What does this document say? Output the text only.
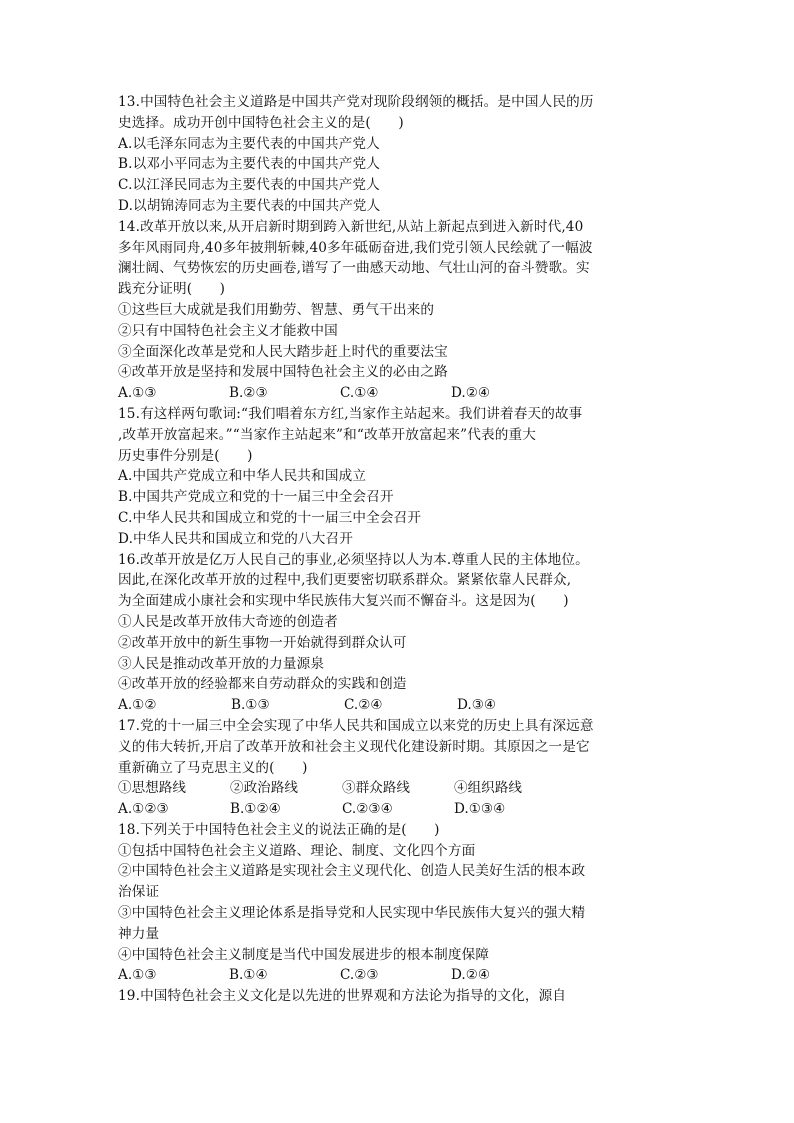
13.中国特色社会主义道路是中国共产党对现阶段纲领的概括。是中国人民的历
史选择。成功开创中国特色社会主义的是(　　)
A.以毛泽东同志为主要代表的中国共产党人
B.以邓小平同志为主要代表的中国共产党人
C.以江泽民同志为主要代表的中国共产党人
D.以胡锦涛同志为主要代表的中国共产党人
14.改革开放以来,从开启新时期到跨入新世纪,从站上新起点到进入新时代,40
多年风雨同舟,40多年披荆斩棘,40多年砥砺奋进,我们党引领人民绘就了一幅波
澜壮阔、气势恢宏的历史画卷,谱写了一曲感天动地、气壮山河的奋斗赞歌。实
践充分证明(　　)
①这些巨大成就是我们用勤劳、智慧、勇气干出来的
②只有中国特色社会主义才能救中国
③全面深化改革是党和人民大踏步赶上时代的重要法宝
④改革开放是坚持和发展中国特色社会主义的必由之路
A.①③	B.②③	C.①④	D.②④
15.有这样两句歌词:“我们唱着东方红,当家作主站起来。我们讲着春天的故事
,改革开放富起来。”“当家作主站起来”和“改革开放富起来”代表的重大
历史事件分别是(　　)
A.中国共产党成立和中华人民共和国成立
B.中国共产党成立和党的十一届三中全会召开
C.中华人民共和国成立和党的十一届三中全会召开
D.中华人民共和国成立和党的八大召开
16.改革开放是亿万人民自己的事业,必须坚持以人为本.尊重人民的主体地位。
因此,在深化改革开放的过程中,我们更要密切联系群众。紧紧依靠人民群众,
为全面建成小康社会和实现中华民族伟大复兴而不懈奋斗。这是因为(　　)
①人民是改革开放伟大奇迹的创造者
②改革开放中的新生事物一开始就得到群众认可
③人民是推动改革开放的力量源泉
④改革开放的经验都来自劳动群众的实践和创造
A.①②	B.①③	C.②④	D.③④
17.党的十一届三中全会实现了中华人民共和国成立以来党的历史上具有深远意
义的伟大转折,开启了改革开放和社会主义现代化建设新时期。其原因之一是它
重新确立了马克思主义的(　　)
①思想路线	②政治路线	③群众路线	④组织路线
A.①②③	B.①②④	C.②③④	D.①③④
18.下列关于中国特色社会主义的说法正确的是(　　)
①包括中国特色社会主义道路、理论、制度、文化四个方面
②中国特色社会主义道路是实现社会主义现代化、创造人民美好生活的根本政
治保证
③中国特色社会主义理论体系是指导党和人民实现中华民族伟大复兴的强大精
神力量
④中国特色社会主义制度是当代中国发展进步的根本制度保障
A.①③	B.①④	C.②③	D.②④
19.中国特色社会主义文化是以先进的世界观和方法论为指导的文化，源自
